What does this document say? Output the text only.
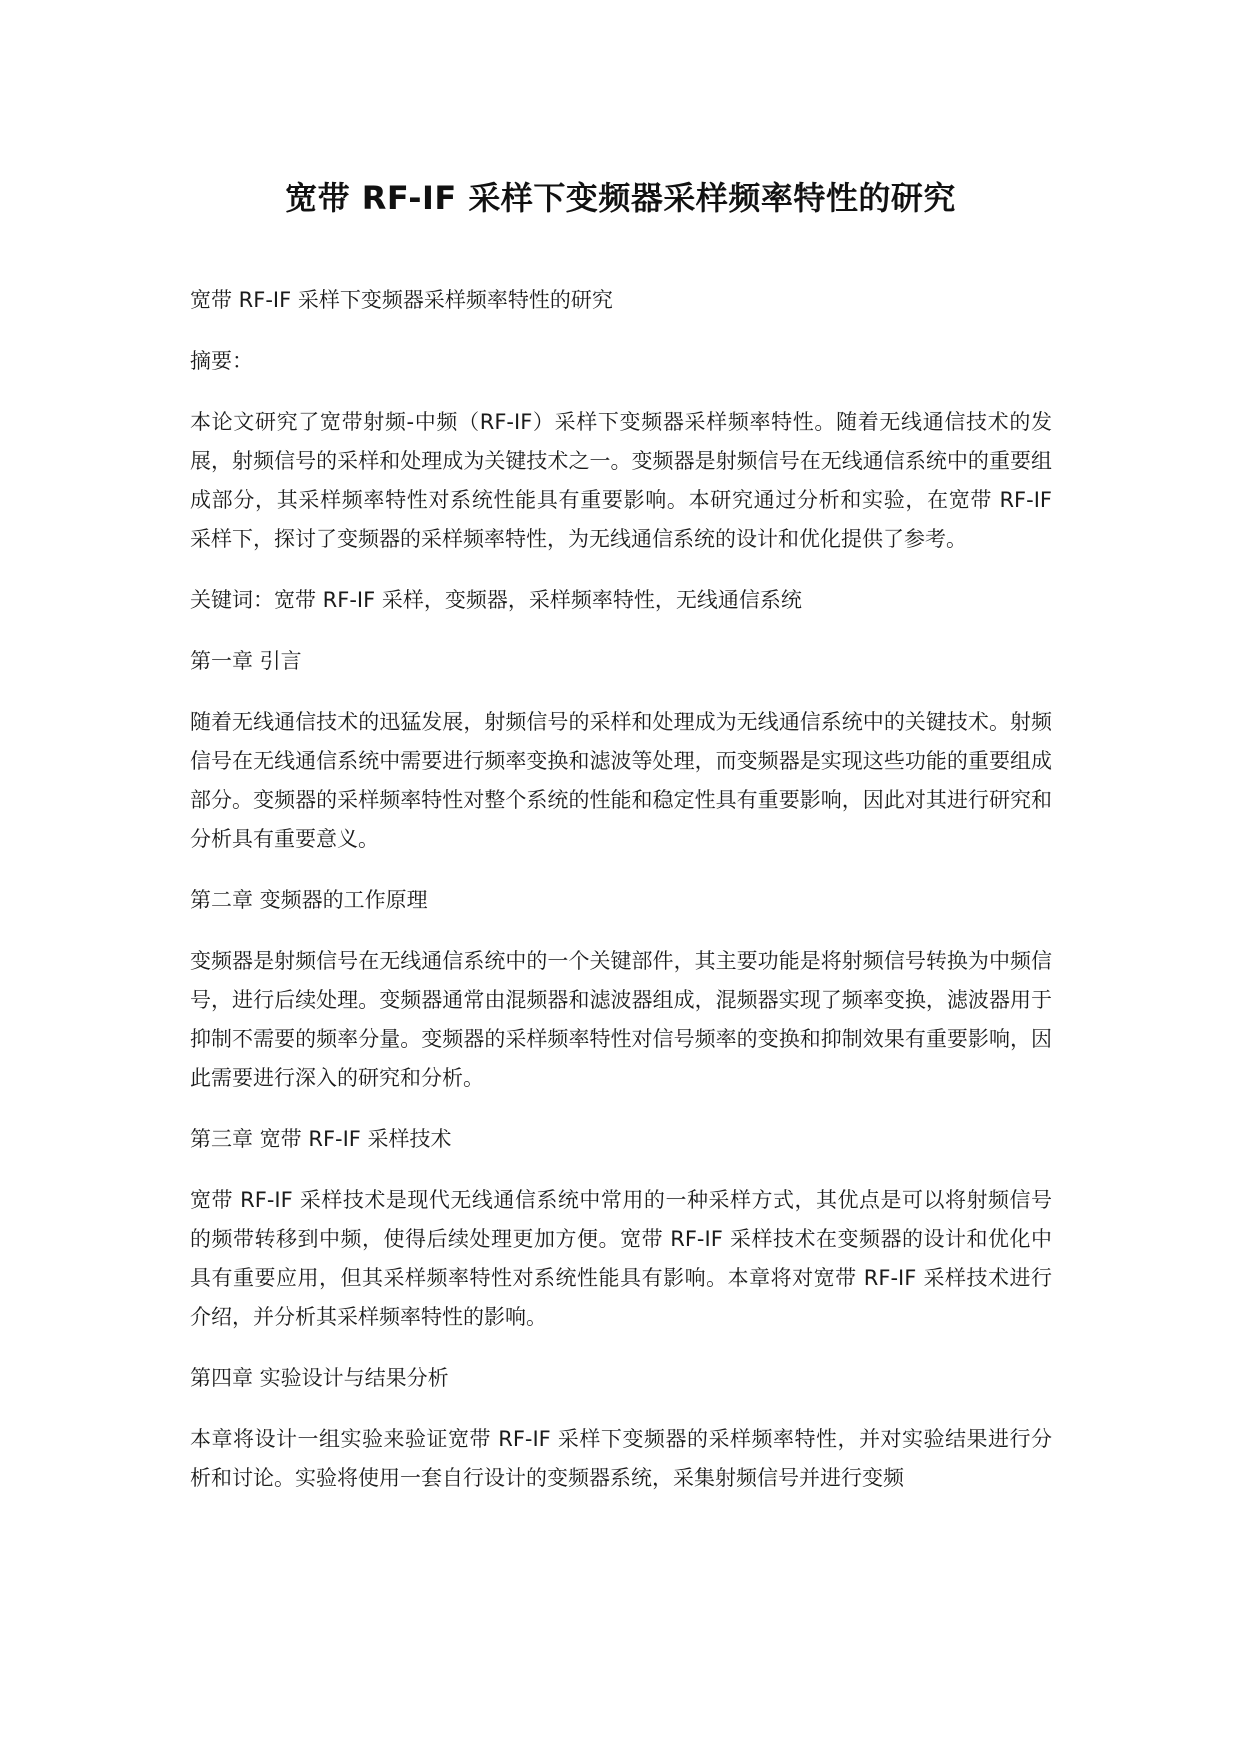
宽带 RF-IF 采样下变频器采样频率特性的研究

宽带 RF-IF 采样下变频器采样频率特性的研究

摘要：

本论文研究了宽带射频-中频（RF-IF）采样下变频器采样频率特性。随着无线通信技术的发展，射频信号的采样和处理成为关键技术之一。变频器是射频信号在无线通信系统中的重要组成部分，其采样频率特性对系统性能具有重要影响。本研究通过分析和实验，在宽带 RF-IF 采样下，探讨了变频器的采样频率特性，为无线通信系统的设计和优化提供了参考。

关键词：宽带 RF-IF 采样，变频器，采样频率特性，无线通信系统

第一章 引言

随着无线通信技术的迅猛发展，射频信号的采样和处理成为无线通信系统中的关键技术。射频信号在无线通信系统中需要进行频率变换和滤波等处理，而变频器是实现这些功能的重要组成部分。变频器的采样频率特性对整个系统的性能和稳定性具有重要影响，因此对其进行研究和分析具有重要意义。

第二章 变频器的工作原理

变频器是射频信号在无线通信系统中的一个关键部件，其主要功能是将射频信号转换为中频信号，进行后续处理。变频器通常由混频器和滤波器组成，混频器实现了频率变换，滤波器用于抑制不需要的频率分量。变频器的采样频率特性对信号频率的变换和抑制效果有重要影响，因此需要进行深入的研究和分析。

第三章 宽带 RF-IF 采样技术

宽带 RF-IF 采样技术是现代无线通信系统中常用的一种采样方式，其优点是可以将射频信号的频带转移到中频，使得后续处理更加方便。宽带 RF-IF 采样技术在变频器的设计和优化中具有重要应用，但其采样频率特性对系统性能具有影响。本章将对宽带 RF-IF 采样技术进行介绍，并分析其采样频率特性的影响。

第四章 实验设计与结果分析

本章将设计一组实验来验证宽带 RF-IF 采样下变频器的采样频率特性，并对实验结果进行分析和讨论。实验将使用一套自行设计的变频器系统，采集射频信号并进行变频
